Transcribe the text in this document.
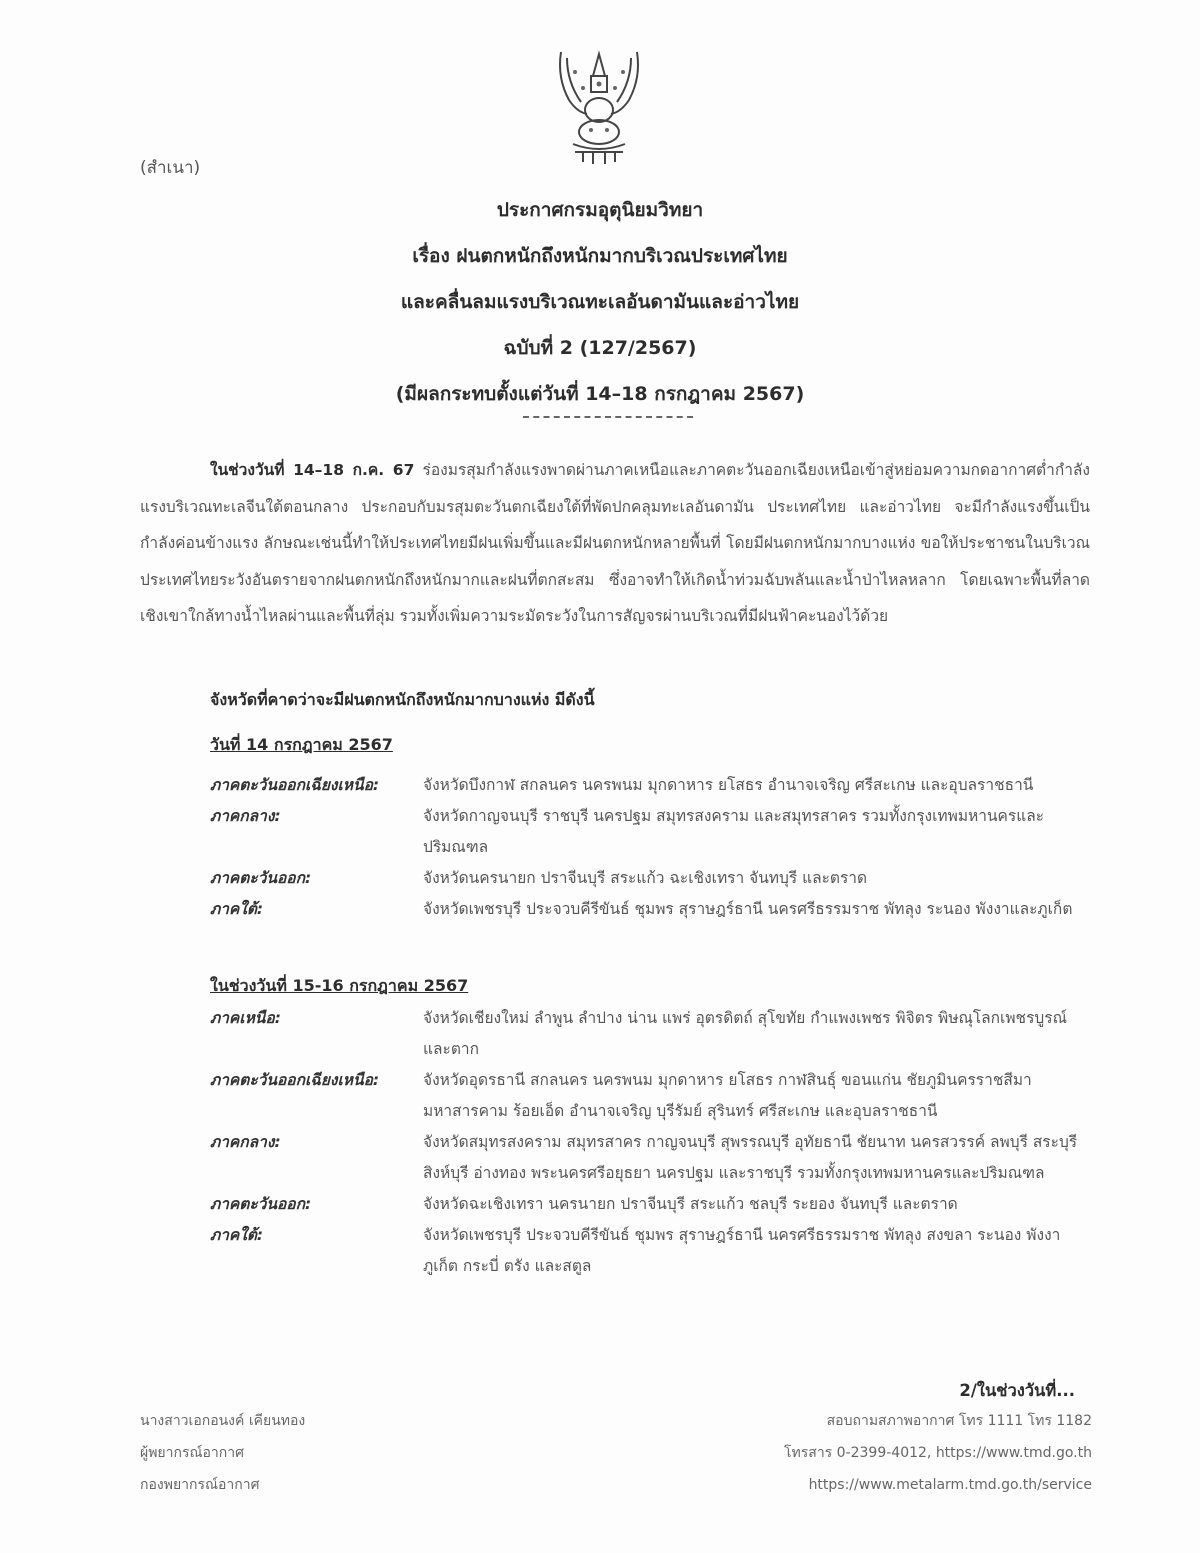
(สำเนา)
ประกาศกรมอุตุนิยมวิทยา
เรื่อง ฝนตกหนักถึงหนักมากบริเวณประเทศไทย
และคลื่นลมแรงบริเวณทะเลอันดามันและอ่าวไทย
ฉบับที่ 2 (127/2567)
(มีผลกระทบตั้งแต่วันที่ 14–18 กรกฎาคม 2567)
ในช่วงวันที่ 14–18 ก.ค. 67 ร่องมรสุมกำลังแรงพาดผ่านภาคเหนือและภาคตะวันออกเฉียงเหนือเข้าสู่หย่อมความกดอากาศต่ำกำลังแรงบริเวณทะเลจีนใต้ตอนกลาง ประกอบกับมรสุมตะวันตกเฉียงใต้ที่พัดปกคลุมทะเลอันดามัน ประเทศไทย และอ่าวไทย จะมีกำลังแรงขึ้นเป็นกำลังค่อนข้างแรง ลักษณะเช่นนี้ทำให้ประเทศไทยมีฝนเพิ่มขึ้นและมีฝนตกหนักหลายพื้นที่ โดยมีฝนตกหนักมากบางแห่ง ขอให้ประชาชนในบริเวณประเทศไทยระวังอันตรายจากฝนตกหนักถึงหนักมากและฝนที่ตกสะสม ซึ่งอาจทำให้เกิดน้ำท่วมฉับพลันและน้ำป่าไหลหลาก โดยเฉพาะพื้นที่ลาดเชิงเขาใกล้ทางน้ำไหลผ่านและพื้นที่ลุ่ม รวมทั้งเพิ่มความระมัดระวังในการสัญจรผ่านบริเวณที่มีฝนฟ้าคะนองไว้ด้วย
จังหวัดที่คาดว่าจะมีฝนตกหนักถึงหนักมากบางแห่ง มีดังนี้
วันที่ 14 กรกฎาคม 2567
ภาคตะวันออกเฉียงเหนือ:	จังหวัดบึงกาฬ สกลนคร นครพนม มุกดาหาร ยโสธร อำนาจเจริญ ศรีสะเกษ และอุบลราชธานี
ภาคกลาง:	จังหวัดกาญจนบุรี ราชบุรี นครปฐม สมุทรสงคราม และสมุทรสาคร รวมทั้งกรุงเทพมหานครและปริมณฑล
ภาคตะวันออก:	จังหวัดนครนายก ปราจีนบุรี สระแก้ว ฉะเชิงเทรา จันทบุรี และตราด
ภาคใต้:	จังหวัดเพชรบุรี ประจวบคีรีขันธ์ ชุมพร สุราษฎร์ธานี นครศรีธรรมราช พัทลุง ระนอง พังงาและภูเก็ต
ในช่วงวันที่ 15-16 กรกฎาคม 2567
ภาคเหนือ:	จังหวัดเชียงใหม่ ลำพูน ลำปาง น่าน แพร่ อุตรดิตถ์ สุโขทัย กำแพงเพชร พิจิตร พิษณุโลกเพชรบูรณ์ และตาก
ภาคตะวันออกเฉียงเหนือ:	จังหวัดอุดรธานี สกลนคร นครพนม มุกดาหาร ยโสธร กาฬสินธุ์ ขอนแก่น ชัยภูมินครราชสีมา มหาสารคาม ร้อยเอ็ด อำนาจเจริญ บุรีรัมย์ สุรินทร์ ศรีสะเกษ และอุบลราชธานี
ภาคกลาง:	จังหวัดสมุทรสงคราม สมุทรสาคร กาญจนบุรี สุพรรณบุรี อุทัยธานี ชัยนาท นครสวรรค์ ลพบุรี สระบุรี สิงห์บุรี อ่างทอง พระนครศรีอยุธยา นครปฐม และราชบุรี รวมทั้งกรุงเทพมหานครและปริมณฑล
ภาคตะวันออก:	จังหวัดฉะเชิงเทรา นครนายก ปราจีนบุรี สระแก้ว ชลบุรี ระยอง จันทบุรี และตราด
ภาคใต้:	จังหวัดเพชรบุรี ประจวบคีรีขันธ์ ชุมพร สุราษฎร์ธานี นครศรีธรรมราช พัทลุง สงขลา ระนอง พังงา ภูเก็ต กระบี่ ตรัง และสตูล
2/ในช่วงวันที่...
นางสาวเอกอนงค์ เคียนทอง
ผู้พยากรณ์อากาศ
กองพยากรณ์อากาศ
สอบถามสภาพอากาศ โทร 1111 โทร 1182
โทรสาร 0-2399-4012, https://www.tmd.go.th
https://www.metalarm.tmd.go.th/service
